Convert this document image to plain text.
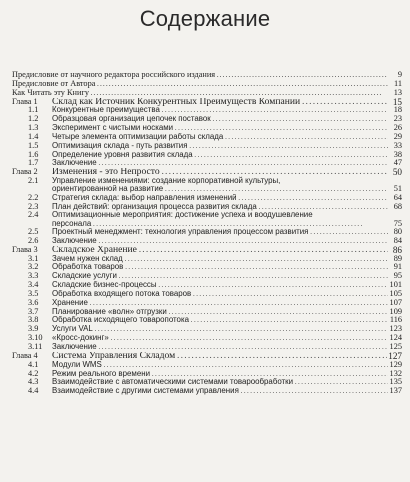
Содержание
Предисловие от научного редактора российского издания . . .	9
Предисловие от Автора . . .	11
Как Читать эту Книгу . . .	13
Глава 1 Склад как Источник Конкурентных Преимуществ Компании . . .	15
1.1 Конкурентные преимущества . . .	18
1.2 Образцовая организация цепочек поставок . . .	23
1.3 Эксперимент с чистыми носками . . .	26
1.4 Четыре элемента оптимизации работы склада . . .	29
1.5 Оптимизация склада - путь развития . . .	33
1.6 Определение уровня развития склада . . .	38
1.7 Заключение . . .	47
Глава 2 Изменения - это Непросто . . .	50
2.1 Управление изменениями: создание корпоративной культуры,
ориентированной на развитие . . .	51
2.2 Стратегия склада: выбор направления изменений . . .	64
2.3 План действий: организация процесса развития склада . . .	68
2.4 Оптимизационные мероприятия: достижение успеха и воодушевление
персонала . . .	75
2.5 Проектный менеджмент: технология управления процессом развития . . .	80
2.6 Заключение . . .	84
Глава 3 Складское Хранение . . .	86
3.1 Зачем нужен склад . . .	89
3.2 Обработка товаров . . .	91
3.3 Складские услуги . . .	95
3.4 Складские бизнес-процессы . . .	101
3.5 Обработка входящего потока товаров . . .	105
3.6 Хранение . . .	107
3.7 Планирование «волн» отгрузки . . .	109
3.8 Обработка исходящего товаропотока . . .	116
3.9 Услуги VAL . . .	123
3.10 «Кросс-докинг» . . .	124
3.11 Заключение . . .	125
Глава 4 Система Управления Складом . . .	127
4.1 Модули WMS . . .	129
4.2 Режим реального времени . . .	132
4.3 Взаимодействие с автоматическими системами товарообработки . . .	135
4.4 Взаимодействие с другими системами управления . . .	137
